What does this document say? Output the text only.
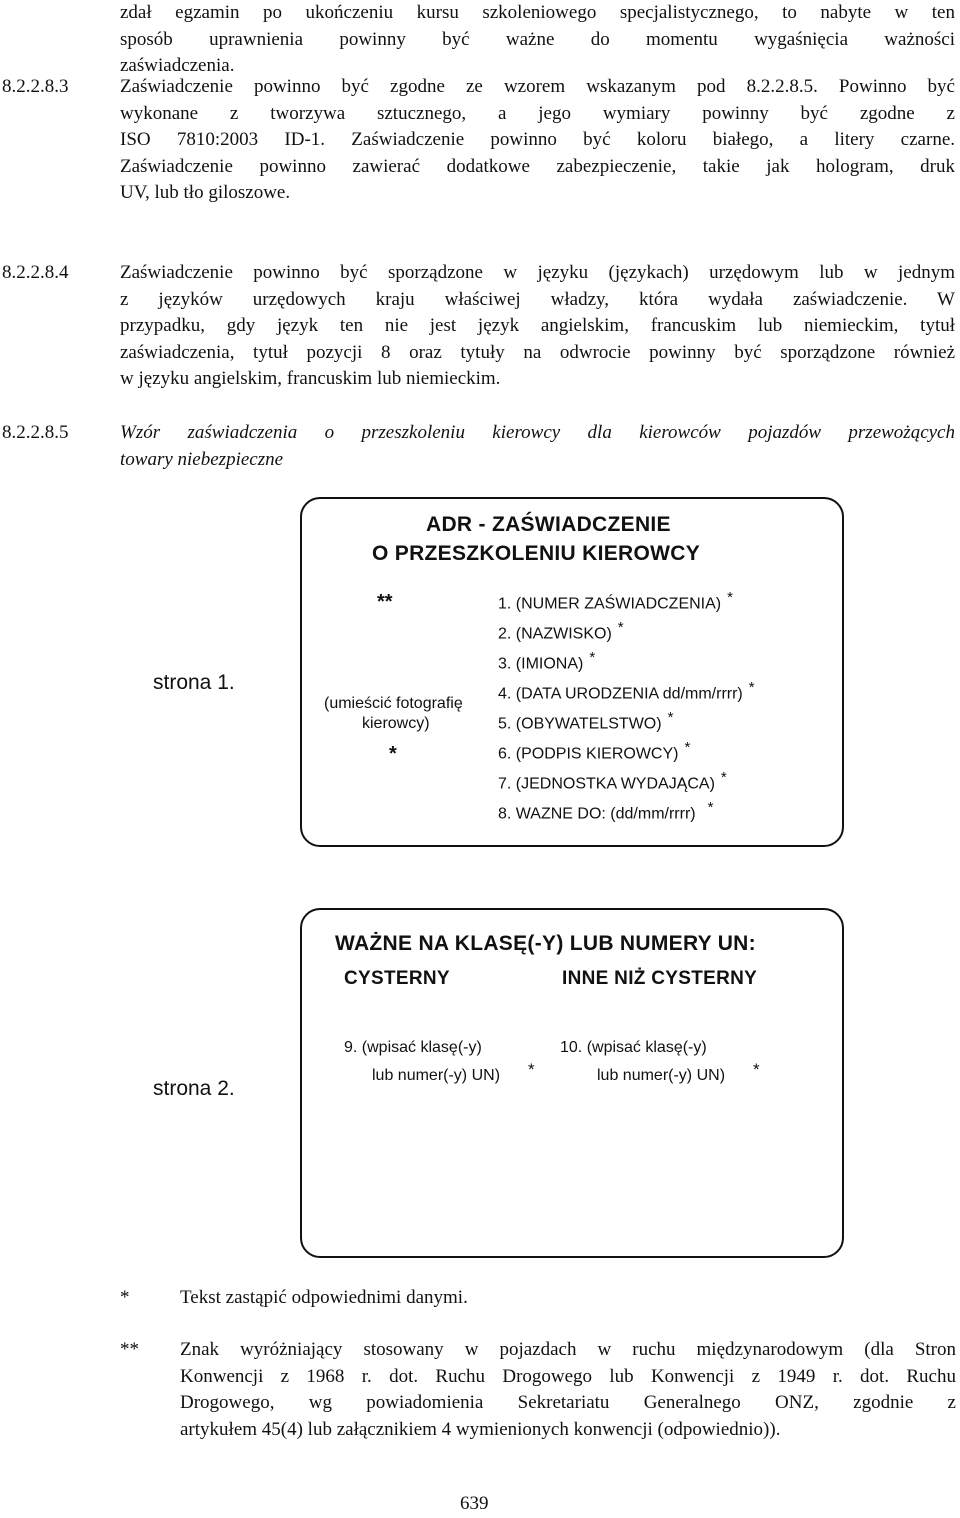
zdał egzamin po ukończeniu kursu szkoleniowego specjalistycznego, to nabyte w ten
sposób uprawnienia powinny być ważne do momentu wygaśnięcia ważności
zaświadczenia.
8.2.2.8.3	Zaświadczenie powinno być zgodne ze wzorem wskazanym pod 8.2.2.8.5. Powinno być
wykonane z tworzywa sztucznego, a jego wymiary powinny być zgodne z
ISO 7810:2003 ID-1. Zaświadczenie powinno być koloru białego, a litery czarne.
Zaświadczenie powinno zawierać dodatkowe zabezpieczenie, takie jak hologram, druk
UV, lub tło giloszowe.
8.2.2.8.4	Zaświadczenie powinno być sporządzone w języku (językach) urzędowym lub w jednym
z języków urzędowych kraju właściwej władzy, która wydała zaświadczenie. W
przypadku, gdy język ten nie jest język angielskim, francuskim lub niemieckim, tytuł
zaświadczenia, tytuł pozycji 8 oraz tytuły na odwrocie powinny być sporządzone również
w języku angielskim, francuskim lub niemieckim.
8.2.2.8.5	Wzór zaświadczenia o przeszkoleniu kierowcy dla kierowców pojazdów przewożących
towary niebezpieczne
strona 1.
ADR - ZAŚWIADCZENIE
O PRZESZKOLENIU KIEROWCY
**
(umieścić fotografię
kierowcy)
*
1. (NUMER ZAŚWIADCZENIA) *
2. (NAZWISKO) *
3. (IMIONA) *
4. (DATA URODZENIA dd/mm/rrrr) *
5. (OBYWATELSTWO) *
6. (PODPIS KIEROWCY) *
7. (JEDNOSTKA WYDAJĄCA) *
8. WAZNE DO: (dd/mm/rrrr) *
strona 2.
WAŻNE NA KLASĘ(-Y) LUB NUMERY UN:
CYSTERNY	INNE NIŻ CYSTERNY
9. (wpisać klasę(-y)
lub numer(-y) UN) *
10. (wpisać klasę(-y)
lub numer(-y) UN) *
*	Tekst zastąpić odpowiednimi danymi.
** Znak wyróżniający stosowany w pojazdach w ruchu międzynarodowym (dla Stron
Konwencji z 1968 r. dot. Ruchu Drogowego lub Konwencji z 1949 r. dot. Ruchu
Drogowego, wg powiadomienia Sekretariatu Generalnego ONZ, zgodnie z
artykułem 45(4) lub załącznikiem 4 wymienionych konwencji (odpowiednio)).
639
